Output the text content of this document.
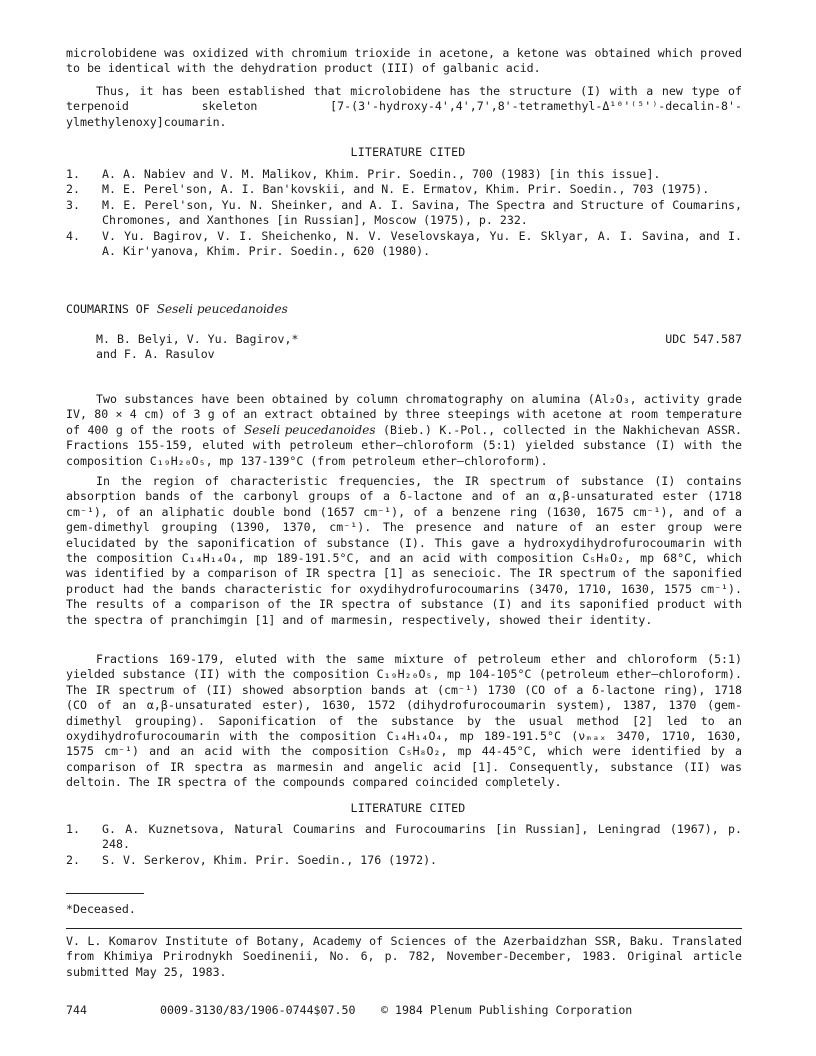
microlobidene was oxidized with chromium trioxide in acetone, a ketone was obtained which proved to be identical with the dehydration product (III) of galbanic acid.

Thus, it has been established that microlobidene has the structure (I) with a new type of terpenoid skeleton [7-(3'-hydroxy-4',4',7',8'-tetramethyl-Δ¹⁰'⁽⁵'⁾-decalin-8'-ylmethylenoxy]coumarin.

LITERATURE CITED
1. A. A. Nabiev and V. M. Malikov, Khim. Prir. Soedin., 700 (1983) [in this issue].
2. M. E. Perel'son, A. I. Ban'kovskii, and N. E. Ermatov, Khim. Prir. Soedin., 703 (1975).
3. M. E. Perel'son, Yu. N. Sheinker, and A. I. Savina, The Spectra and Structure of Coumarins, Chromones, and Xanthones [in Russian], Moscow (1975), p. 232.
4. V. Yu. Bagirov, V. I. Sheichenko, N. V. Veselovskaya, Yu. E. Sklyar, A. I. Savina, and I. A. Kir'yanova, Khim. Prir. Soedin., 620 (1980).
COUMARINS OF Seseli peucedanoides
M. B. Belyi, V. Yu. Bagirov,*
and F. A. Rasulov
UDC 547.587

Two substances have been obtained by column chromatography on alumina (Al₂O₃, activity grade IV, 80 × 4 cm) of 3 g of an extract obtained by three steepings with acetone at room temperature of 400 g of the roots of Seseli peucedanoides (Bieb.) K.-Pol., collected in the Nakhichevan ASSR. Fractions 155-159, eluted with petroleum ether—chloroform (5:1) yielded substance (I) with the composition C₁₉H₂₀O₅, mp 137-139°C (from petroleum ether—chloroform).

In the region of characteristic frequencies, the IR spectrum of substance (I) contains absorption bands of the carbonyl groups of a δ-lactone and of an α,β-unsaturated ester (1718 cm⁻¹), of an aliphatic double bond (1657 cm⁻¹), of a benzene ring (1630, 1675 cm⁻¹), and of a gem-dimethyl grouping (1390, 1370, cm⁻¹). The presence and nature of an ester group were elucidated by the saponification of substance (I). This gave a hydroxydihydrofurocoumarin with the composition C₁₄H₁₄O₄, mp 189-191.5°C, and an acid with composition C₅H₈O₂, mp 68°C, which was identified by a comparison of IR spectra [1] as senecioic. The IR spectrum of the saponified product had the bands characteristic for oxydihydrofurocoumarins (3470, 1710, 1630, 1575 cm⁻¹). The results of a comparison of the IR spectra of substance (I) and its saponified product with the spectra of pranchimgin [1] and of marmesin, respectively, showed their identity.

Fractions 169-179, eluted with the same mixture of petroleum ether and chloroform (5:1) yielded substance (II) with the composition C₁₉H₂₀O₅, mp 104-105°C (petroleum ether—chloroform). The IR spectrum of (II) showed absorption bands at (cm⁻¹) 1730 (CO of a δ-lactone ring), 1718 (CO of an α,β-unsaturated ester), 1630, 1572 (dihydrofurocoumarin system), 1387, 1370 (gem-dimethyl grouping). Saponification of the substance by the usual method [2] led to an oxydihydrofurocoumarin with the composition C₁₄H₁₄O₄, mp 189-191.5°C (νₘₐₓ 3470, 1710, 1630, 1575 cm⁻¹) and an acid with the composition C₅H₈O₂, mp 44-45°C, which were identified by a comparison of IR spectra as marmesin and angelic acid [1]. Consequently, substance (II) was deltoin. The IR spectra of the compounds compared coincided completely.

LITERATURE CITED
1. G. A. Kuznetsova, Natural Coumarins and Furocoumarins [in Russian], Leningrad (1967), p. 248.
2. S. V. Serkerov, Khim. Prir. Soedin., 176 (1972).
*Deceased.

V. L. Komarov Institute of Botany, Academy of Sciences of the Azerbaidzhan SSR, Baku. Translated from Khimiya Prirodnykh Soedinenii, No. 6, p. 782, November-December, 1983. Original article submitted May 25, 1983.

744	0009-3130/83/1906-0744$07.50 © 1984 Plenum Publishing Corporation
